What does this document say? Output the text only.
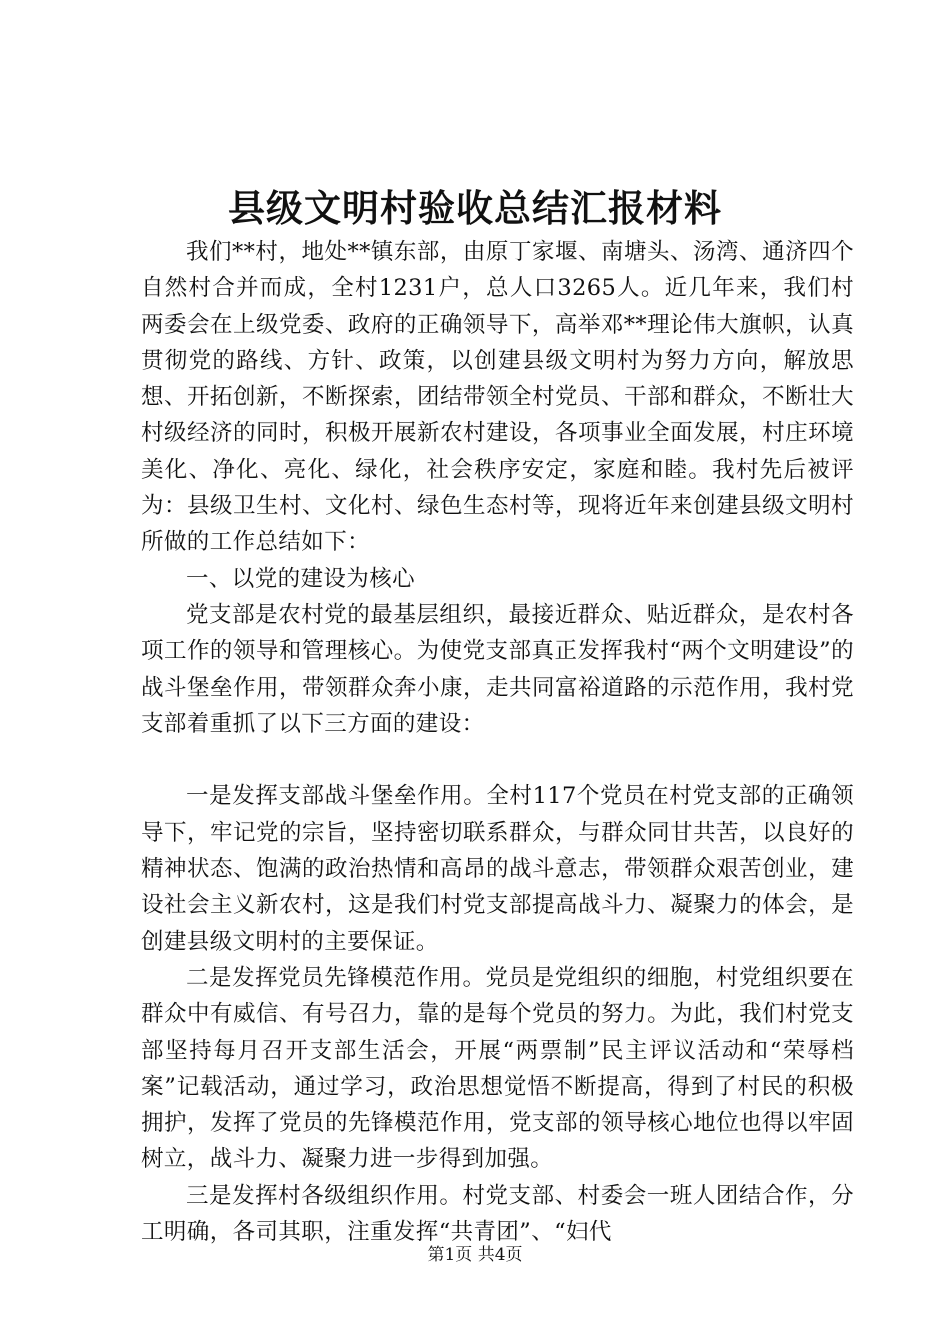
县级文明村验收总结汇报材料

我们**村，地处**镇东部，由原丁家堰、南塘头、汤湾、通济四个自然村合并而成，全村1231户，总人口3265人。近几年来，我们村两委会在上级党委、政府的正确领导下，高举邓**理论伟大旗帜，认真贯彻党的路线、方针、政策，以创建县级文明村为努力方向，解放思想、开拓创新，不断探索，团结带领全村党员、干部和群众，不断壮大村级经济的同时，积极开展新农村建设，各项事业全面发展，村庄环境美化、净化、亮化、绿化，社会秩序安定，家庭和睦。我村先后被评为：县级卫生村、文化村、绿色生态村等，现将近年来创建县级文明村所做的工作总结如下：

一、以党的建设为核心

党支部是农村党的最基层组织，最接近群众、贴近群众，是农村各项工作的领导和管理核心。为使党支部真正发挥我村“两个文明建设”的战斗堡垒作用，带领群众奔小康，走共同富裕道路的示范作用，我村党支部着重抓了以下三方面的建设：

一是发挥支部战斗堡垒作用。全村117个党员在村党支部的正确领导下，牢记党的宗旨，坚持密切联系群众，与群众同甘共苦，以良好的精神状态、饱满的政治热情和高昂的战斗意志，带领群众艰苦创业，建设社会主义新农村，这是我们村党支部提高战斗力、凝聚力的体会，是创建县级文明村的主要保证。

二是发挥党员先锋模范作用。党员是党组织的细胞，村党组织要在群众中有威信、有号召力，靠的是每个党员的努力。为此，我们村党支部坚持每月召开支部生活会，开展“两票制”民主评议活动和“荣辱档案”记载活动，通过学习，政治思想觉悟不断提高，得到了村民的积极拥护，发挥了党员的先锋模范作用，党支部的领导核心地位也得以牢固树立，战斗力、凝聚力进一步得到加强。

三是发挥村各级组织作用。村党支部、村委会一班人团结合作，分工明确，各司其职，注重发挥“共青团”、“妇代

第1页 共4页
